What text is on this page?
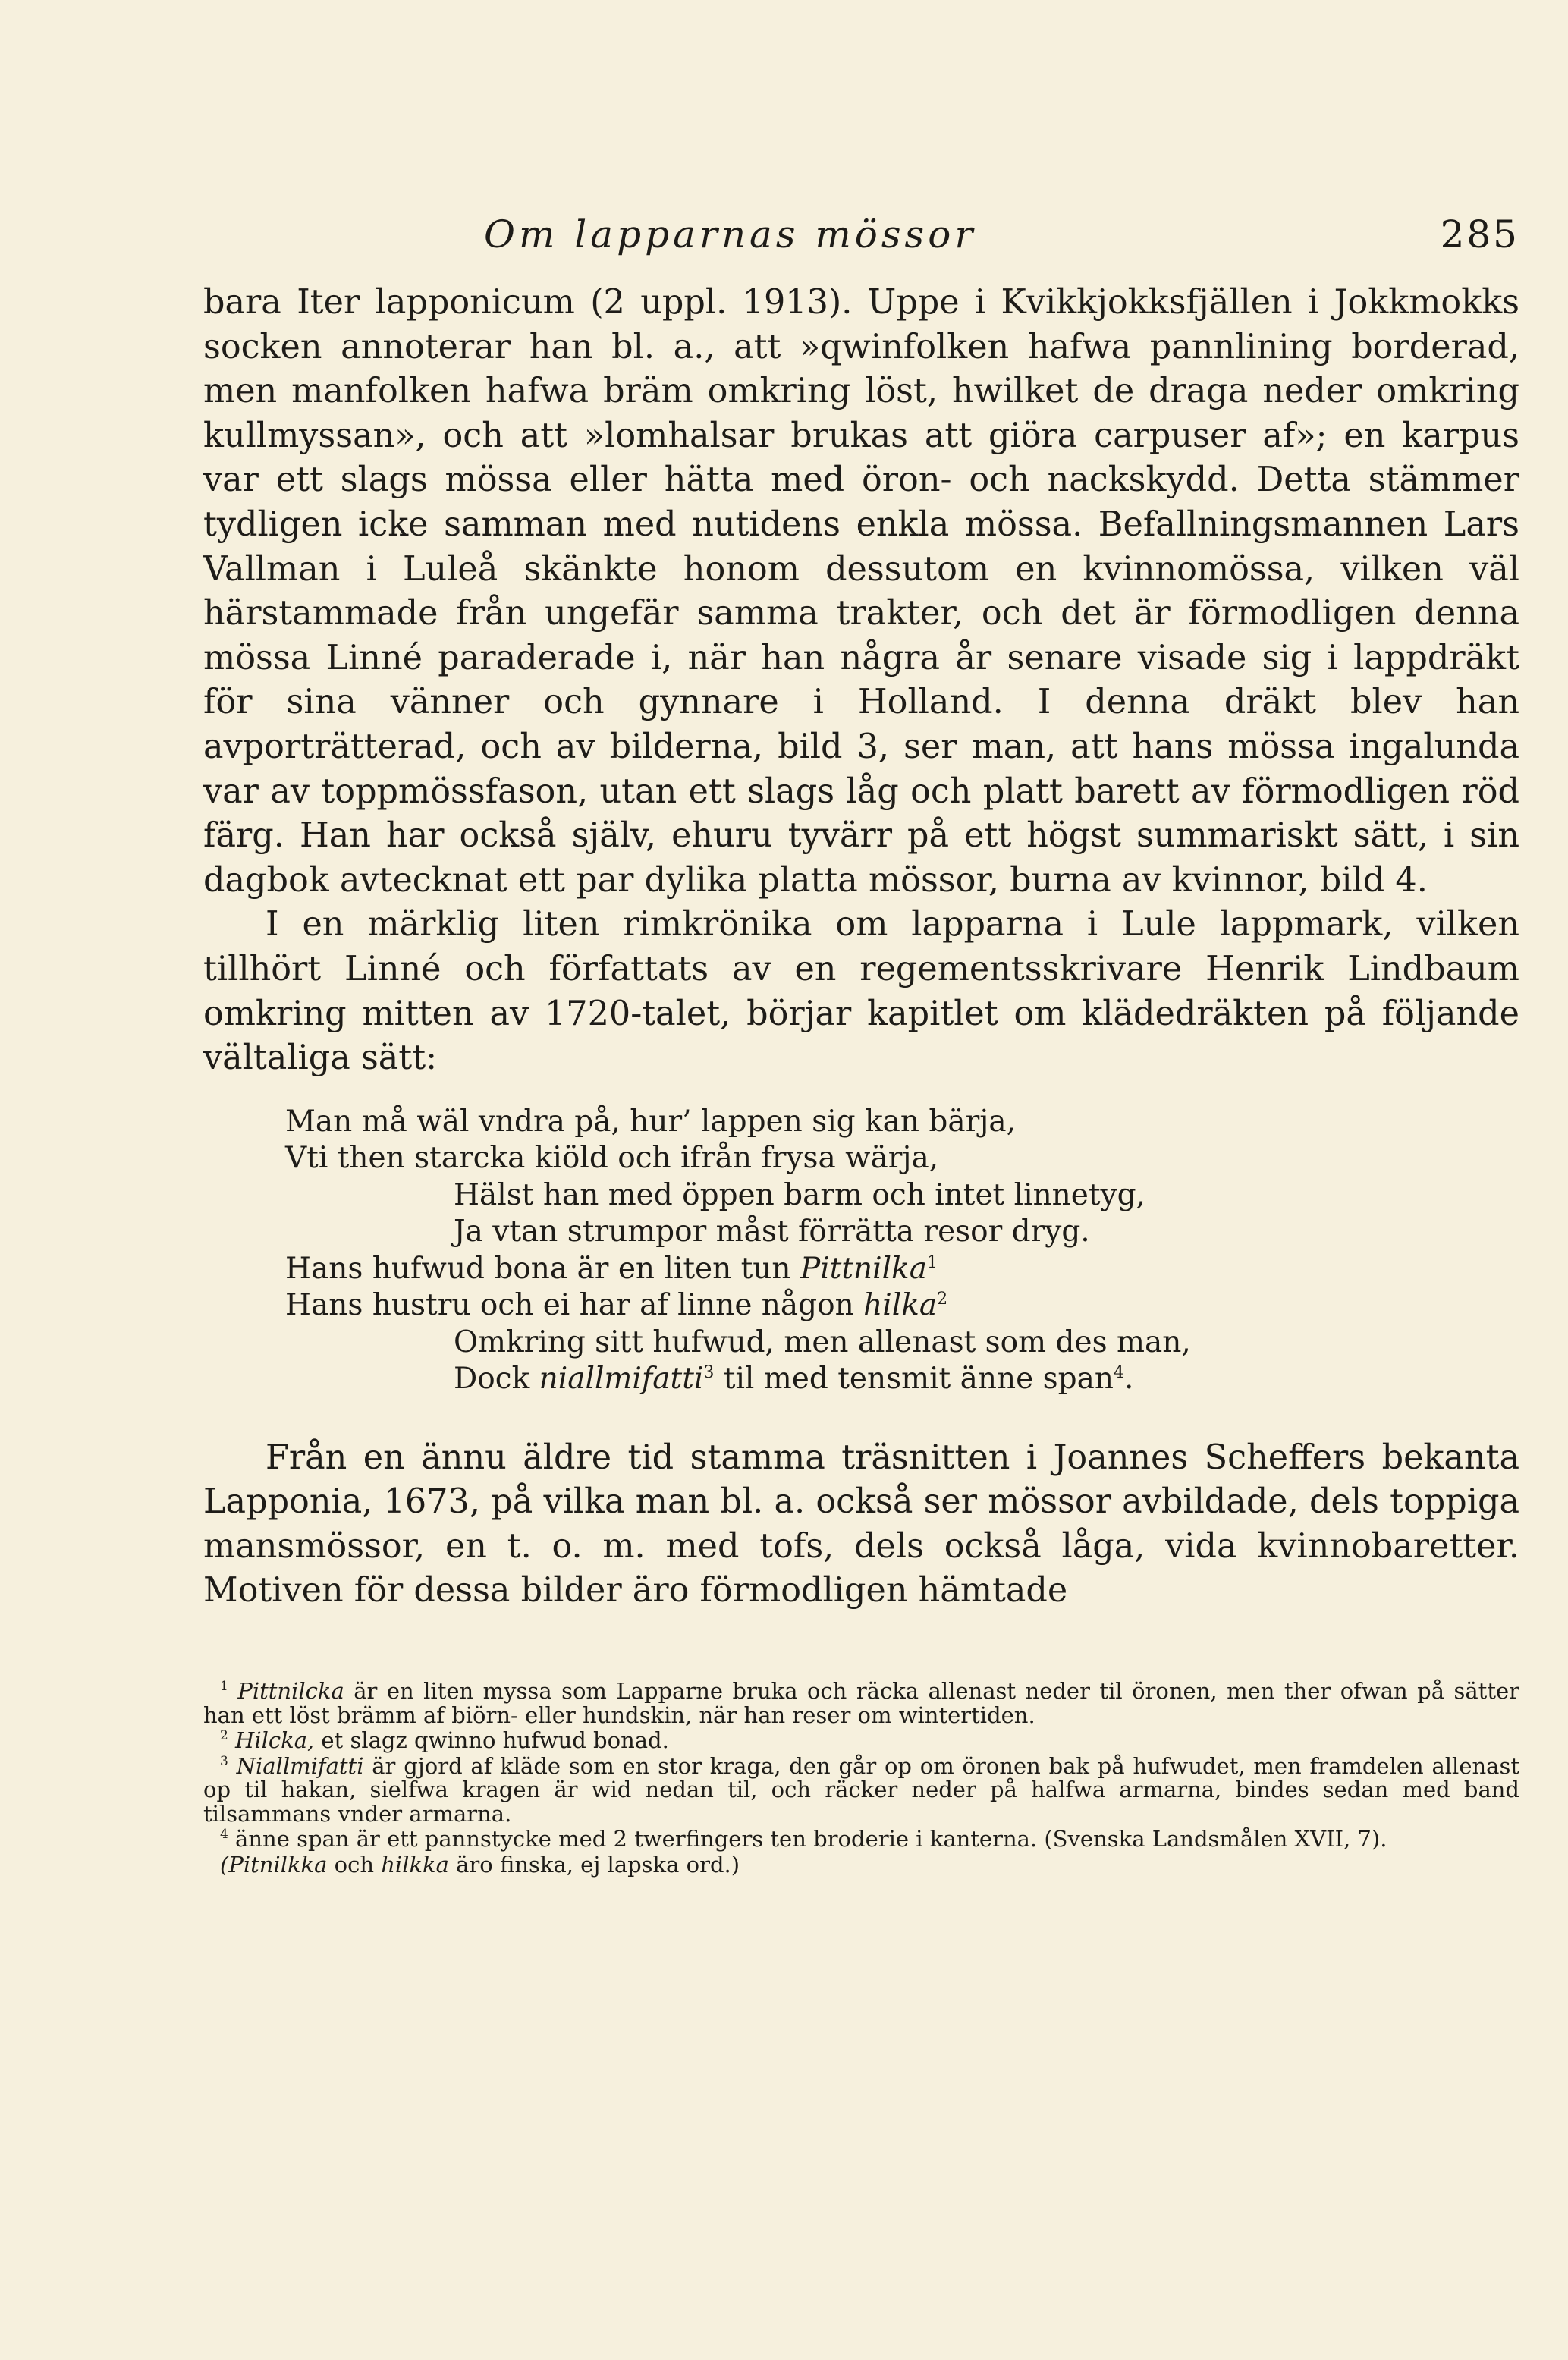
Om lapparnas mössor	285

bara Iter lapponicum (2 uppl. 1913). Uppe i Kvikkjokksfjällen i Jokkmokks socken annoterar han bl. a., att »qwinfolken hafwa pannlining borderad, men manfolken hafwa bräm omkring löst, hwilket de draga neder omkring kullmyssan», och att »lomhalsar brukas att giöra carpuser af»; en karpus var ett slags mössa eller hätta med öron- och nackskydd. Detta stämmer tydligen icke samman med nutidens enkla mössa. Befallningsmannen Lars Vallman i Luleå skänkte honom dessutom en kvinnomössa, vilken väl härstammade från ungefär samma trakter, och det är förmodligen denna mössa Linné paraderade i, när han några år senare visade sig i lappdräkt för sina vänner och gynnare i Holland. I denna dräkt blev han avporträtterad, och av bilderna, bild 3, ser man, att hans mössa ingalunda var av toppmössfason, utan ett slags låg och platt barett av förmodligen röd färg. Han har också själv, ehuru tyvärr på ett högst summariskt sätt, i sin dagbok avtecknat ett par dylika platta mössor, burna av kvinnor, bild 4.

I en märklig liten rimkrönika om lapparna i Lule lappmark, vilken tillhört Linné och författats av en regementsskrivare Henrik Lindbaum omkring mitten av 1720-talet, börjar kapitlet om klädedräkten på följande vältaliga sätt:

Man må wäl vndra på, hur’ lappen sig kan bärja,
Vti then starcka kiöld och ifrån frysa wärja,
Hälst han med öppen barm och intet linnetyg,
Ja vtan strumpor måst förrätta resor dryg.
Hans hufwud bona är en liten tun Pittnilka$^1$
Hans hustru och ei har af linne någon hilka$^2$
Omkring sitt hufwud, men allenast som des man,
Dock niallmifatti$^3$ til med tensmit änne span$^4$.

Från en ännu äldre tid stamma träsnitten i Joannes Scheffers bekanta Lapponia, 1673, på vilka man bl. a. också ser mössor avbildade, dels toppiga mansmössor, en t. o. m. med tofs, dels också låga, vida kvinnobaretter. Motiven för dessa bilder äro förmodligen hämtade

$^1$ Pittnilcka är en liten myssa som Lapparne bruka och räcka allenast neder til öronen, men ther ofwan på sätter han ett löst brämm af biörn- eller hundskin, när han reser om wintertiden.

$^2$ Hilcka, et slagz qwinno hufwud bonad.

$^3$ Niallmifatti är gjord af kläde som en stor kraga, den går op om öronen bak på hufwudet, men framdelen allenast op til hakan, sielfwa kragen är wid nedan til, och räcker neder på halfwa armarna, bindes sedan med band tilsammans vnder armarna.

$^4$ änne span är ett pannstycke med 2 twerfingers ten broderie i kanterna. (Svenska Landsmålen XVII, 7).

(Pitnilkka och hilkka äro finska, ej lapska ord.)
